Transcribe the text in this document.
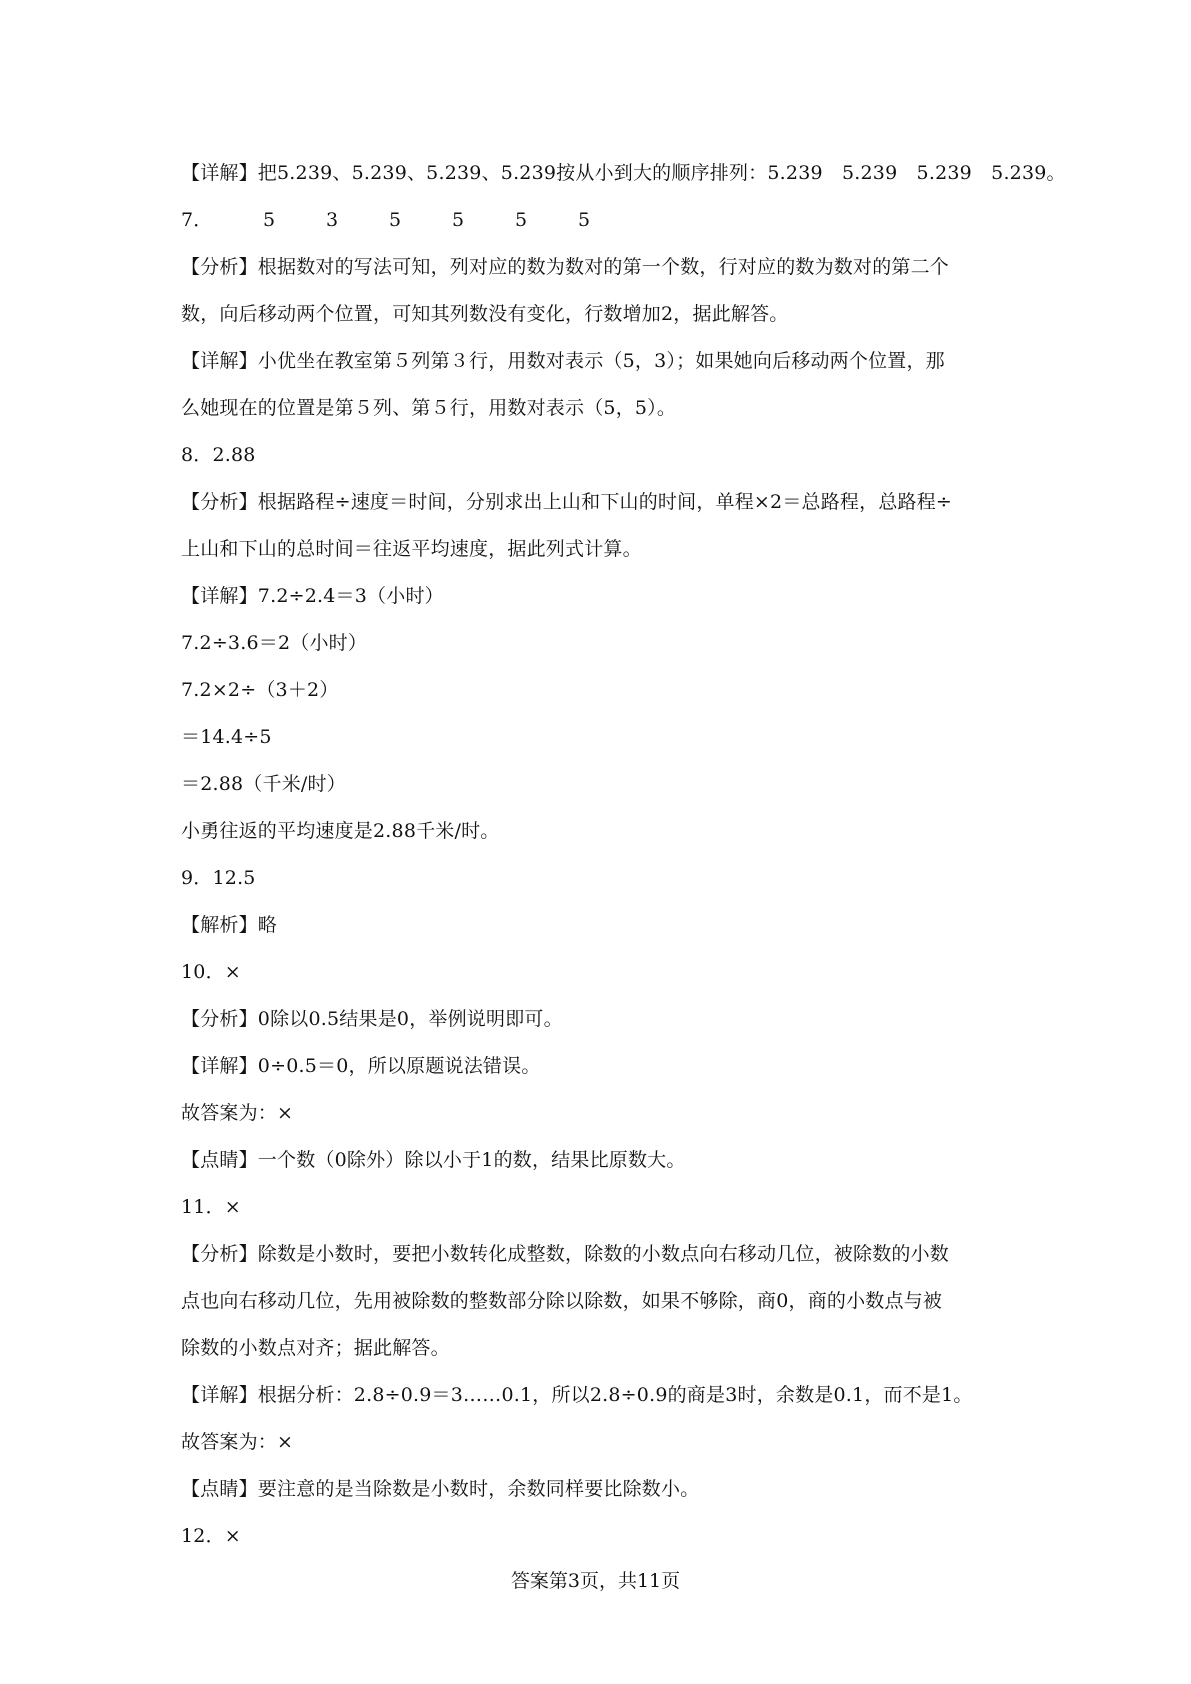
【详解】把5.239、5.239、5.239、5.239按从小到大的顺序排列：5.239　5.239　5.239　5.239。
7．	5	3	5	5	5	5
【分析】根据数对的写法可知，列对应的数为数对的第一个数，行对应的数为数对的第二个
数，向后移动两个位置，可知其列数没有变化，行数增加2，据此解答。
【详解】小优坐在教室第５列第３行，用数对表示（5，3）；如果她向后移动两个位置，那
么她现在的位置是第５列、第５行，用数对表示（5，5）。
8．2.88
【分析】根据路程÷速度＝时间，分别求出上山和下山的时间，单程×2＝总路程，总路程÷
上山和下山的总时间＝往返平均速度，据此列式计算。
【详解】7.2÷2.4＝3（小时）
7.2÷3.6＝2（小时）
7.2×2÷（3＋2）
＝14.4÷5
＝2.88（千米/时）
小勇往返的平均速度是2.88千米/时。
9．12.5
【解析】略
10．×
【分析】0除以0.5结果是0，举例说明即可。
【详解】0÷0.5＝0，所以原题说法错误。
故答案为：×
【点睛】一个数（0除外）除以小于1的数，结果比原数大。
11．×
【分析】除数是小数时，要把小数转化成整数，除数的小数点向右移动几位，被除数的小数
点也向右移动几位，先用被除数的整数部分除以除数，如果不够除，商0，商的小数点与被
除数的小数点对齐；据此解答。
【详解】根据分析：2.8÷0.9＝3……0.1，所以2.8÷0.9的商是3时，余数是0.1，而不是1。
故答案为：×
【点睛】要注意的是当除数是小数时，余数同样要比除数小。
12．×
答案第3页，共11页
